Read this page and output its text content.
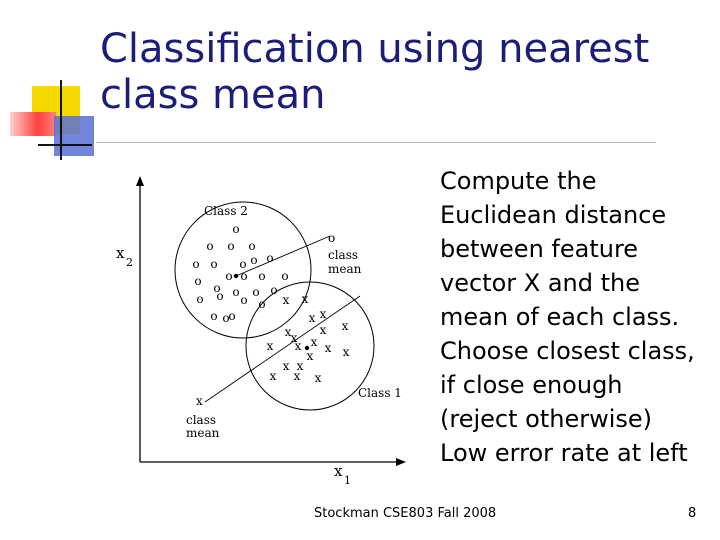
Classification using nearest
class mean
x
2
x
1
Class 2
Class 1
o
class
mean
x
class
mean
o
o o o
o o o o
o
o o o o
o o o o o
o o o o
o o
o
x x
x
x
x x x
x x x x x
x
x x
x x x
x
Compute the
Euclidean distance
between feature
vector X and the
mean of each class.
Choose closest class,
if close enough
(reject otherwise)
Low error rate at left
Stockman CSE803 Fall 2008	8
